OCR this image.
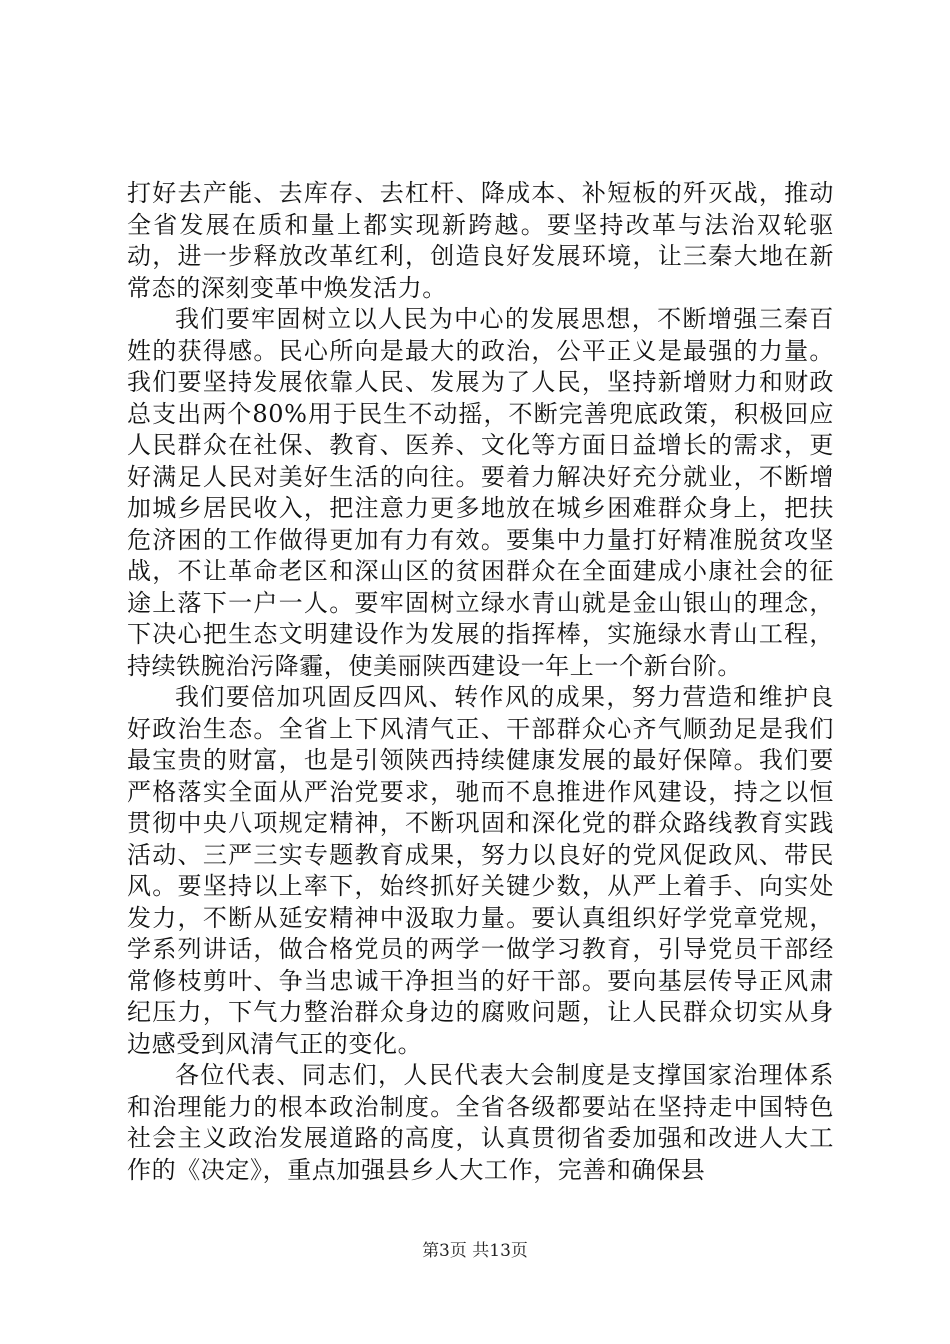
打好去产能、去库存、去杠杆、降成本、补短板的歼灭战，推动全省发展在质和量上都实现新跨越。要坚持改革与法治双轮驱动，进一步释放改革红利，创造良好发展环境，让三秦大地在新常态的深刻变革中焕发活力。

我们要牢固树立以人民为中心的发展思想，不断增强三秦百姓的获得感。民心所向是最大的政治，公平正义是最强的力量。我们要坚持发展依靠人民、发展为了人民，坚持新增财力和财政总支出两个80%用于民生不动摇，不断完善兜底政策，积极回应人民群众在社保、教育、医养、文化等方面日益增长的需求，更好满足人民对美好生活的向往。要着力解决好充分就业，不断增加城乡居民收入，把注意力更多地放在城乡困难群众身上，把扶危济困的工作做得更加有力有效。要集中力量打好精准脱贫攻坚战，不让革命老区和深山区的贫困群众在全面建成小康社会的征途上落下一户一人。要牢固树立绿水青山就是金山银山的理念，下决心把生态文明建设作为发展的指挥棒，实施绿水青山工程，持续铁腕治污降霾，使美丽陕西建设一年上一个新台阶。

我们要倍加巩固反四风、转作风的成果，努力营造和维护良好政治生态。全省上下风清气正、干部群众心齐气顺劲足是我们最宝贵的财富，也是引领陕西持续健康发展的最好保障。我们要严格落实全面从严治党要求，驰而不息推进作风建设，持之以恒贯彻中央八项规定精神，不断巩固和深化党的群众路线教育实践活动、三严三实专题教育成果，努力以良好的党风促政风、带民风。要坚持以上率下，始终抓好关键少数，从严上着手、向实处发力，不断从延安精神中汲取力量。要认真组织好学党章党规，学系列讲话，做合格党员的两学一做学习教育，引导党员干部经常修枝剪叶、争当忠诚干净担当的好干部。要向基层传导正风肃纪压力，下气力整治群众身边的腐败问题，让人民群众切实从身边感受到风清气正的变化。

各位代表、同志们，人民代表大会制度是支撑国家治理体系和治理能力的根本政治制度。全省各级都要站在坚持走中国特色社会主义政治发展道路的高度，认真贯彻省委加强和改进人大工作的《决定》，重点加强县乡人大工作，完善和确保县

第3页 共13页
